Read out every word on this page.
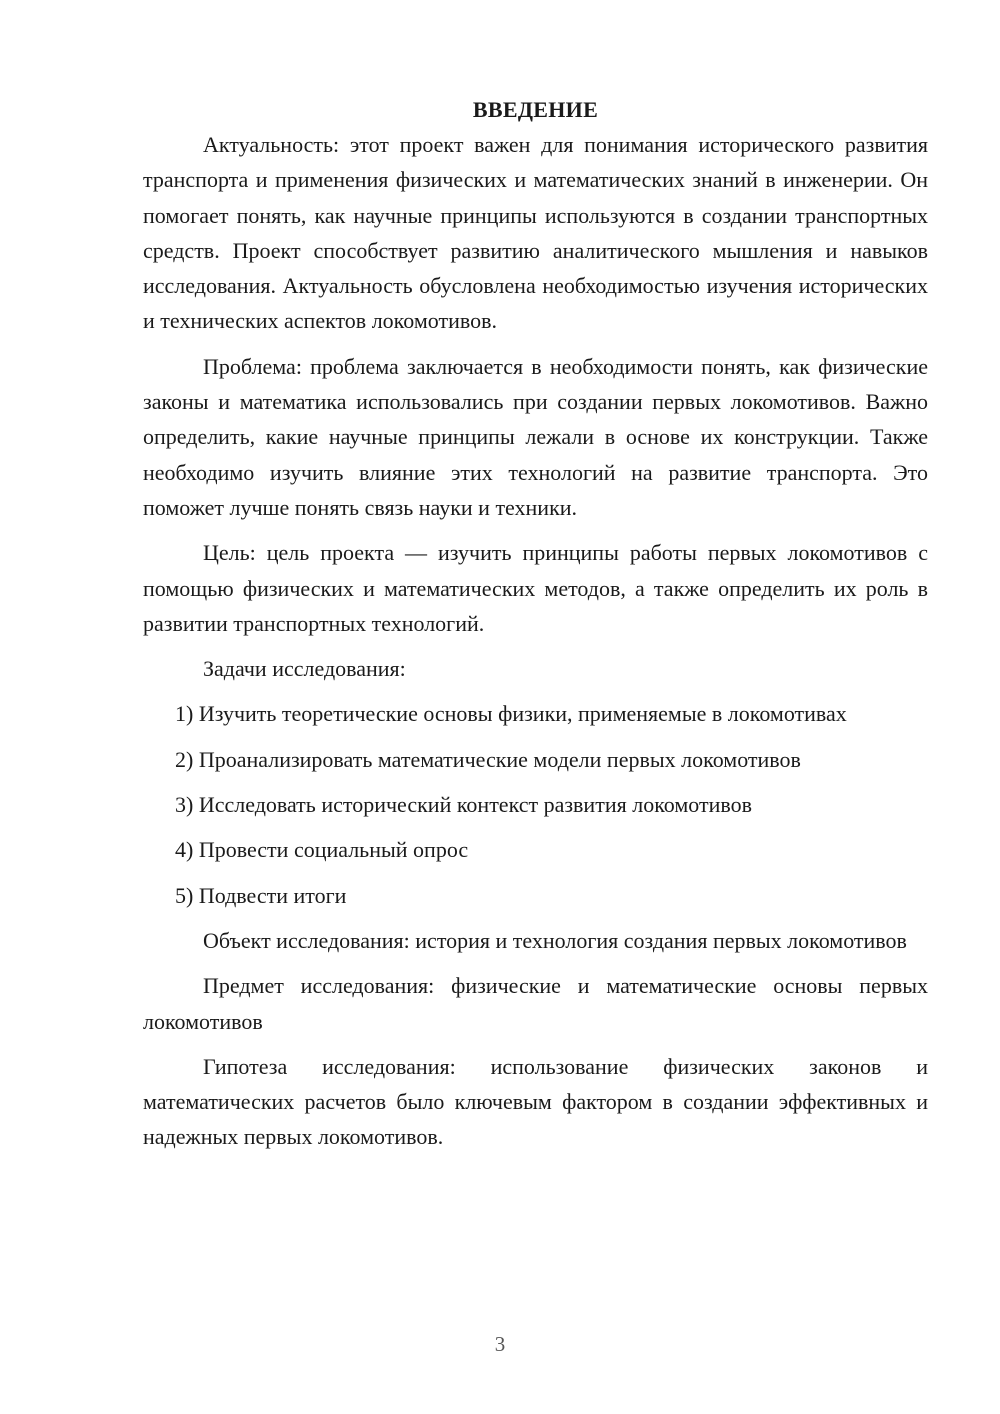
ВВЕДЕНИЕ

Актуальность: этот проект важен для понимания исторического развития транспорта и применения физических и математических знаний в инженерии. Он помогает понять, как научные принципы используются в создании транспортных средств. Проект способствует развитию аналитического мышления и навыков исследования. Актуальность обусловлена необходимостью изучения исторических и технических аспектов локомотивов.

Проблема: проблема заключается в необходимости понять, как физические законы и математика использовались при создании первых локомотивов. Важно определить, какие научные принципы лежали в основе их конструкции. Также необходимо изучить влияние этих технологий на развитие транспорта. Это поможет лучше понять связь науки и техники.

Цель: цель проекта — изучить принципы работы первых локомотивов с помощью физических и математических методов, а также определить их роль в развитии транспортных технологий.

Задачи исследования:

1) Изучить теоретические основы физики, применяемые в локомотивах

2) Проанализировать математические модели первых локомотивов

3) Исследовать исторический контекст развития локомотивов

4) Провести социальный опрос

5) Подвести итоги

Объект исследования: история и технология создания первых локомотивов

Предмет исследования: физические и математические основы первых локомотивов

Гипотеза исследования: использование физических законов и математических расчетов было ключевым фактором в создании эффективных и надежных первых локомотивов.

3
